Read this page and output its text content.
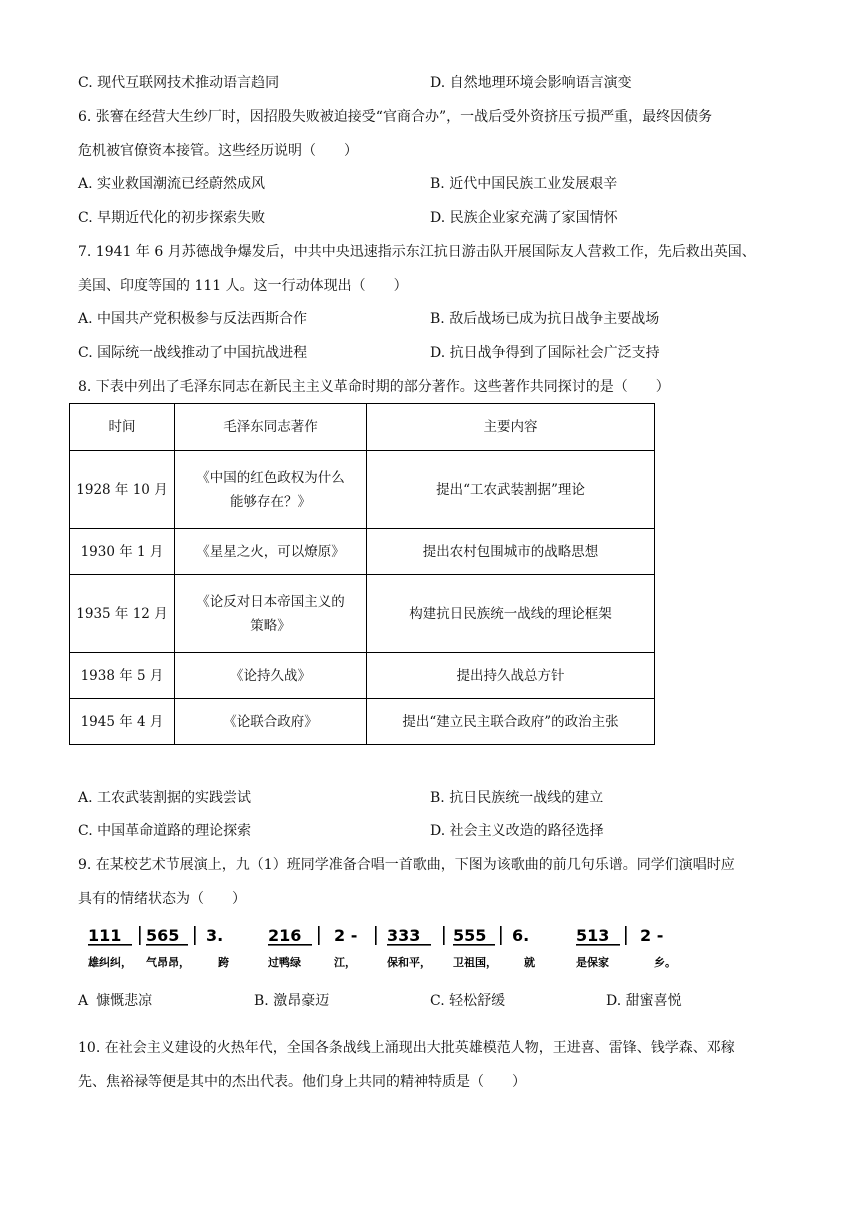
C. 现代互联网技术推动语言趋同	D. 自然地理环境会影响语言演变
6. 张謇在经营大生纱厂时，因招股失败被迫接受“官商合办”，一战后受外资挤压亏损严重，最终因债务
危机被官僚资本接管。这些经历说明（　　）
A. 实业救国潮流已经蔚然成风	B. 近代中国民族工业发展艰辛
C. 早期近代化的初步探索失败	D. 民族企业家充满了家国情怀
7. 1941 年 6 月苏德战争爆发后，中共中央迅速指示东江抗日游击队开展国际友人营救工作，先后救出英国、
美国、印度等国的 111 人。这一行动体现出（　　）
A. 中国共产党积极参与反法西斯合作	B. 敌后战场已成为抗日战争主要战场
C. 国际统一战线推动了中国抗战进程	D. 抗日战争得到了国际社会广泛支持
8. 下表中列出了毛泽东同志在新民主主义革命时期的部分著作。这些著作共同探讨的是（　　）
时间	毛泽东同志著作	主要内容
1928 年 10 月	《中国的红色政权为什么
能够存在？》	提出“工农武装割据”理论
1930 年 1 月	《星星之火，可以燎原》	提出农村包围城市的战略思想
1935 年 12 月	《论反对日本帝国主义的
策略》	构建抗日民族统一战线的理论框架
1938 年 5 月	《论持久战》	提出持久战总方针
1945 年 4 月	《论联合政府》	提出“建立民主联合政府”的政治主张
A. 工农武装割据的实践尝试	B. 抗日民族统一战线的建立
C. 中国革命道路的理论探索	D. 社会主义改造的路径选择
9. 在某校艺术节展演上，九（1）班同学准备合唱一首歌曲，下图为该歌曲的前几句乐谱。同学们演唱时应
具有的情绪状态为（　　）
111 565 3.	216 2 - 333 555 6.	513 2 -
雄纠纠， 气昂昂，	跨	过鸭绿	江，	保和平， 卫祖国， 就	是保家	乡。
A 慷慨悲凉	B. 激昂豪迈	C. 轻松舒缓	D. 甜蜜喜悦
10. 在社会主义建设的火热年代，全国各条战线上涌现出大批英雄模范人物，王进喜、雷锋、钱学森、邓稼
先、焦裕禄等便是其中的杰出代表。他们身上共同的精神特质是（　　）
